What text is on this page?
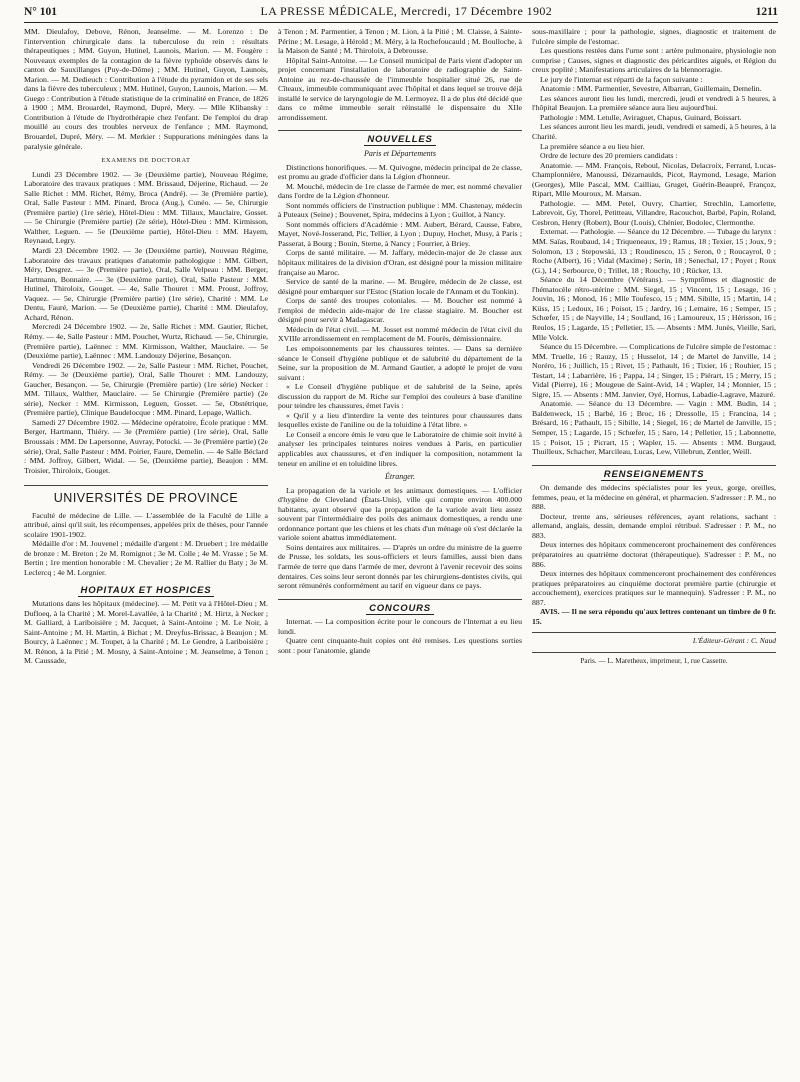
N° 101	LA PRESSE MÉDICALE, Mercredi, 17 Décembre 1902	1211

MM. Dieulafoy, Debove, Rénon, Jeanselme. — M. Lorenzo : De l'intervention chirurgicale dans la tuberculose du rein : résultats thérapeutiques ; MM. Guyon, Hutinel, Launois, Marion. — M. Fougère : Nouveaux exemples de la contagion de la fièvre typhoïde observés dans le canton de Sauxillanges (Puy-de-Dôme) ; MM. Hutinel, Guyon, Launois, Marion. — M. Dedieuch : Contribution à l'étude du pyramidon et de ses sels dans la fièvre des tuberculeux ; MM. Hutinel, Guyon, Launois, Marion. — M. Guego : Contribution à l'étude statistique de la criminalité en France, de 1826 à 1900 ; MM. Brouardel, Raymond, Dupré, Mery. — Mlle Klibansky : Contribution à l'étude de l'hydrothérapie chez l'enfant. De l'emploi du drap mouillé au cours des troubles nerveux de l'enfance ; MM. Raymond, Brouardel, Dupré, Méry. — M. Merkier : Suppurations méningées dans la paralysie générale.

EXAMENS DE DOCTORAT

Lundi 23 Décembre 1902. — 3e (Deuxième partie), Nouveau Régime, Laboratoire des travaux pratiques : MM. Brissaud, Déjerine, Richaud. — 2e Salle Richet : MM. Richet, Rémy, Broca (André). — 3e (Première partie), Oral, Salle Pasteur : MM. Pinard, Broca (Aug.), Cunéo. — 5e, Chirurgie (Première partie) (1re série), Hôtel-Dieu : MM. Tillaux, Mauclaire, Gosset. — 5e Chirurgie (Première partie) (2e série), Hôtel-Dieu : MM. Kirmisson, Walther, Leguen. — 5e (Deuxième partie), Hôtel-Dieu : MM. Hayem, Reynaud, Legry.

Mardi 23 Décembre 1902. — 3e (Deuxième partie), Nouveau Régime, Laboratoire des travaux pratiques d'anatomie pathologique : MM. Gilbert, Méry, Desgrez. — 3e (Première partie), Oral, Salle Velpeau : MM. Berger, Hartmann, Bonnaire. — 3e (Deuxième partie), Oral, Salle Pasteur : MM. Hutinel, Thiroloix, Gouget. — 4e, Salle Thouret : MM. Proust, Joffroy, Vaquez. — 5e, Chirurgie (Première partie) (1re série), Charité : MM. Le Dentu, Fauré, Marion. — 5e (Deuxième partie), Charité : MM. Dieulafoy, Achard, Rénon.

Mercredi 24 Décembre 1902. — 2e, Salle Richet : MM. Gautier, Richet, Rémy. — 4e, Salle Pasteur : MM. Pouchet, Wurtz, Richaud. — 5e, Chirurgie, (Première partie), Laënnec : MM. Kirmisson, Walther, Mauclaire. — 5e (Deuxième partie), Laënnec : MM. Landouzy Déjerine, Besançon.

Vendredi 26 Décembre 1902. — 2e, Salle Pasteur : MM. Richet, Pouchet, Rémy. — 3e (Deuxième partie), Oral, Salle Thouret : MM. Landouzy, Gaucher, Besançon. — 5e, Chirurgie (Première partie) (1re série) Necker : MM. Tillaux, Walther, Mauclaire. — 5e Chirurgie (Première partie) (2e série), Necker : MM. Kirmisson, Leguen, Gosset. — 5e, Obstétrique, (Première partie), Clinique Baudelocque : MM. Pinard, Lepage, Wallich.

Samedi 27 Décembre 1902. — Médecine opératoire, École pratique : MM. Berger, Hartmann, Thiéry. — 3e (Première partie) (1re série), Oral, Salle Broussais : MM. De Lapersonne, Auvray, Potocki. — 3e (Première partie) (2e série), Oral, Salle Pasteur : MM. Poirier, Faure, Demelin. — 4e Salle Béclard : MM. Joffroy, Gilbert, Widal. — 5e, (Deuxième partie), Beaujon : MM. Troisier, Thiroloix, Gouget.

UNIVERSITÉS DE PROVINCE

Faculté de médecine de Lille. — L'assemblée de la Faculté de Lille a attribué, ainsi qu'il suit, les récompenses, appelées prix de thèses, pour l'année scolaire 1901-1902.

Médaille d'or : M. Jouvenel ; médaille d'argent : M. Druebert ; 1re médaille de bronze : M. Breton ; 2e M. Romignot ; 3e M. Colle ; 4e M. Vrasse ; 5e M. Bertin ; 1re mention honorable : M. Chevalier ; 2e M. Rallier du Baty ; 3e M. Leclercq ; 4e M. Lorgnier.

HOPITAUX ET HOSPICES

Mutations dans les hôpitaux (médecine). — M. Petit va à l'Hôtel-Dieu ; M. Dufloeq, à la Charité ; M. Morel-Lavallée, à la Charité ; M. Hirtz, à Necker ; M. Galliard, à Lariboisière ; M. Jacquet, à Saint-Antoine ; M. Le Noir, à Saint-Antoine ; M. H. Martin, à Bichat ; M. Dreyfus-Brissac, à Beaujon ; M. Bourcy, à Laënnec ; M. Toupet, à la Charité ; M. Le Gendre, à Lariboisière ; M. Rénon, à la Pitié ; M. Mosny, à Saint-Antoine ; M. Jeanselme, à Tenon ; M. Caussade,

à Tenon ; M. Parmentier, à Tenon ; M. Lion, à la Pitié ; M. Claisse, à Sainte-Périne ; M. Lesage, à Hérold ; M. Méry, à la Rochefoucauld ; M. Boulloche, à la Maison de Santé ; M. Thiroloix, à Debrousse.

Hôpital Saint-Antoine. — Le Conseil municipal de Paris vient d'adopter un projet concernant l'installation de laboratoire de radiographie de Saint-Antoine au rez-de-chaussée de l'immeuble hospitalier situé 26, rue de Cîteaux, immeuble communiquant avec l'hôpital et dans lequel se trouve déjà installé le service de laryngologie de M. Lermoyez. Il a de plus été décidé que dans ce même immeuble serait réinstallé le dispensaire du XIIe arrondissement.

NOUVELLES
Paris et Départements

Distinctions honorifiques. — M. Quivogne, médecin principal de 2e classe, est promu au grade d'officier dans la Légion d'honneur.

M. Mouché, médecin de 1re classe de l'armée de mer, est nommé chevalier dans l'ordre de la Légion d'honneur.

Sont nommés officiers de l'instruction publique : MM. Chastenay, médecin à Puteaux (Seine) ; Bouvenet, Spira, médecins à Lyon ; Guillot, à Nancy.

Sont nommés officiers d'Académie : MM. Aubert, Bérard, Causse, Fabre, Mayet, Nové-Josserand, Pic, Tellier, à Lyon ; Dupuy, Hochet, Musy, à Paris ; Passerat, à Bourg ; Bouin, Sterne, à Nancy ; Fourrier, à Briey.

Corps de santé militaire. — M. Jaffary, médecin-major de 2e classe aux hôpitaux militaires de la division d'Oran, est désigné pour la mission militaire française au Maroc.

Service de santé de la marine. — M. Brugère, médecin de 2e classe, est désigné pour embarquer sur l'Estoc (Station locale de l'Annam et du Tonkin).

Corps de santé des troupes coloniales. — M. Boucher est nommé à l'emploi de médecin aide-major de 1re classe stagiaire. M. Boucher est désigné pour servir à Madagascar.

Médecin de l'état civil. — M. Josset est nommé médecin de l'état civil du XVIIIe arrondissement en remplacement de M. Fourès, démissionnaire.

Les empoisonnements par les chaussures teintes. — Dans sa dernière séance le Conseil d'hygiène publique et de salubrité du département de la Seine, sur la proposition de M. Armand Gautier, a adopté le projet de vœu suivant :

« Le Conseil d'hygiène publique et de salubrité de la Seine, après discussion du rapport de M. Riche sur l'emploi des couleurs à base d'aniline pour teindre les chaussures, émet l'avis :

« Qu'il y a lieu d'interdire la vente des teintures pour chaussures dans lesquelles existe de l'aniline ou de la toluidine à l'état libre. »

Le Conseil a encore émis le vœu que le Laboratoire de chimie soit invité à analyser les principales teintures noires vendues à Paris, en particulier applicables aux chaussures, et d'en indiquer la composition, notamment la teneur en aniline et en toluidine libres.

Étranger.

La propagation de la variole et les animaux domestiques. — L'officier d'hygiène de Cleveland (États-Unis), ville qui compte environ 400.000 habitants, ayant observé que la propagation de la variole avait lieu assez souvent par l'intermédiaire des poils des animaux domestiques, a rendu une ordonnance portant que les chiens et les chats d'un ménage où s'est déclarée la variole soient abattus immédiatement.

Soins dentaires aux militaires. — D'après un ordre du ministre de la guerre de Prusse, les soldats, les sous-officiers et leurs familles, aussi bien dans l'armée de terre que dans l'armée de mer, devront à l'avenir recevoir des soins dentaires. Ces soins leur seront donnés par les chirurgiens-dentistes civils, qui seront rémunérés conformément au tarif en vigueur dans ce pays.

CONCOURS

Internat. — La composition écrite pour le concours de l'Internat a eu lieu lundi.

Quatre cent cinquante-huit copies ont été remises. Les questions sorties sont : pour l'anatomie, glande

sous-maxillaire ; pour la pathologie, signes, diagnostic et traitement de l'ulcère simple de l'estomac.

Les questions restées dans l'urne sont : artère pulmonaire, physiologie non comprise ; Causes, signes et diagnostic des péricardites aiguës, et Région du creux poplité ; Manifestations articulaires de la blennorragie.

Le jury de l'internat est réparti de la façon suivante :

Anatomie : MM. Parmentier, Sevestre, Albarran, Guillemain, Demelin.

Les séances auront lieu les lundi, mercredi, jeudi et vendredi à 5 heures, à l'hôpital Beaujon. La première séance aura lieu aujourd'hui.

Pathologie : MM. Letulle, Aviraguet, Chapus, Guinard, Boissart.

Les séances auront lieu les mardi, jeudi, vendredi et samedi, à 5 heures, à la Charité.

La première séance a eu lieu hier.

Ordre de lecture des 20 premiers candidats :

Anatomie. — MM. François, Reboul, Nicolas, Delacroix, Ferrand, Lucas-Champlonnière, Manoussi, Dézarnaulds, Picot, Raymond, Lesage, Marion (Georges), Mlle Pascal, MM. Cailliau, Gruget, Guérin-Beaupré, Françoz, Ripart, Mlle Mouroux, M. Marsan.

Pathologie. — MM. Petel, Ouvry, Chartier, Strechlin, Lamorlette, Labrevoit, Gy, Thorel, Petitteau, Villandre, Racouchot, Barbé, Papin, Roland, Cesbron, Henry (Robert), Bour (Louis), Chénier, Bodolec, Clermonthe.

Externat. — Pathologie. — Séance du 12 Décembre. — Tubage du larynx : MM. Saïas, Roubaud, 14 ; Triqueneaux, 19 ; Ramus, 18 ; Texier, 15 ; Joux, 9 ; Solomon, 13 ; Stepowski, 13 ; Roudinesco, 15 ; Seron, 0 ; Roucayrol, 0 ; Roche (Albert), 16 ; Vidal (Maxime) ; Serin, 18 ; Senechal, 17 ; Poyet ; Roux (G.), 14 ; Serbource, 0 ; Trillet, 18 ; Rouchy, 10 ; Rücker, 13.

Séance du 14 Décembre (Vétérans). — Symptômes et diagnostic de l'hématocèle rétro-utérine : MM. Siegel, 15 ; Vincent, 15 ; Lesage, 16 ; Jouvin, 16 ; Monod, 16 ; Mlle Toufesco, 15 ; MM. Sibille, 15 ; Martin, 14 ; Küss, 15 ; Ledoux, 16 ; Poisot, 15 ; Jardry, 16 ; Lemaire, 16 ; Semper, 15 ; Schœfer, 15 ; de Nayville, 14 ; Soulland, 16 ; Lamoureux, 15 ; Hérisson, 16 ; Reulos, 15 ; Lagarde, 15 ; Pelletier, 15. — Absents : MM. Junès, Vieille, Sari, Mlle Volck.

Séance du 15 Décembre. — Complications de l'ulcère simple de l'estomac : MM. Truelle, 16 ; Rauzy, 15 ; Husselot, 14 ; de Martel de Janville, 14 ; Noréro, 16 ; Juillich, 15 ; Rivet, 15 ; Pathault, 16 ; Tixier, 16 ; Rouhier, 15 ; Testart, 14 ; Labarrière, 16 ; Pappa, 14 ; Singer, 15 ; Piérart, 15 ; Merry, 15 ; Vidal (Pierre), 16 ; Mougeue de Saint-Avid, 14 ; Wapler, 14 ; Monnier, 15 ; Sigre, 15. — Absents : MM. Janvier, Oyé, Hornus, Labadie-Lagrave, Mazuré.

Anatomie. — Séance du 13 Décembre. — Vagin : MM. Budin, 14 ; Baldenweck, 15 ; Barbé, 16 ; Broc, 16 ; Dressolle, 15 ; Francina, 14 ; Brésard, 16 ; Pathault, 15 ; Sibille, 14 ; Siegel, 16 ; de Martel de Janville, 15 ; Semper, 15 ; Lagarde, 15 ; Schœfer, 15 ; Saro, 14 ; Pelletier, 15 ; Labonnette, 15 ; Poisot, 15 ; Picrart, 15 ; Wapler, 15. — Absents : MM. Burgaud, Thuilleux, Schacher, Marcileau, Lucas, Lew, Villebrun, Zentler, Weill.

RENSEIGNEMENTS

On demande des médecins spécialistes pour les yeux, gorge, oreilles, femmes, peau, et la médecine en général, et pharmacien. S'adresser : P. M., no 888.

Docteur, trente ans, sérieuses références, ayant relations, sachant : allemand, anglais, dessin, demande emploi rétribué. S'adresser : P. M., no 883.

Deux internes des hôpitaux commenceront prochainement des conférences préparatoires au quatrième doctorat (thérapeutique). S'adresser : P. M., no 886.

Deux internes des hôpitaux commenceront prochainement des conférences pratiques préparatoires au cinquième doctorat première partie (chirurgie et accouchement), exercices pratiques sur le mannequin). S'adresser : P. M., no 887.

AVIS. — Il ne sera répondu qu'aux lettres contenant un timbre de 0 fr. 15.

L'Éditeur-Gérant : C. Naud
Paris. — L. Maretheux, imprimeur, 1, rue Cassette.
